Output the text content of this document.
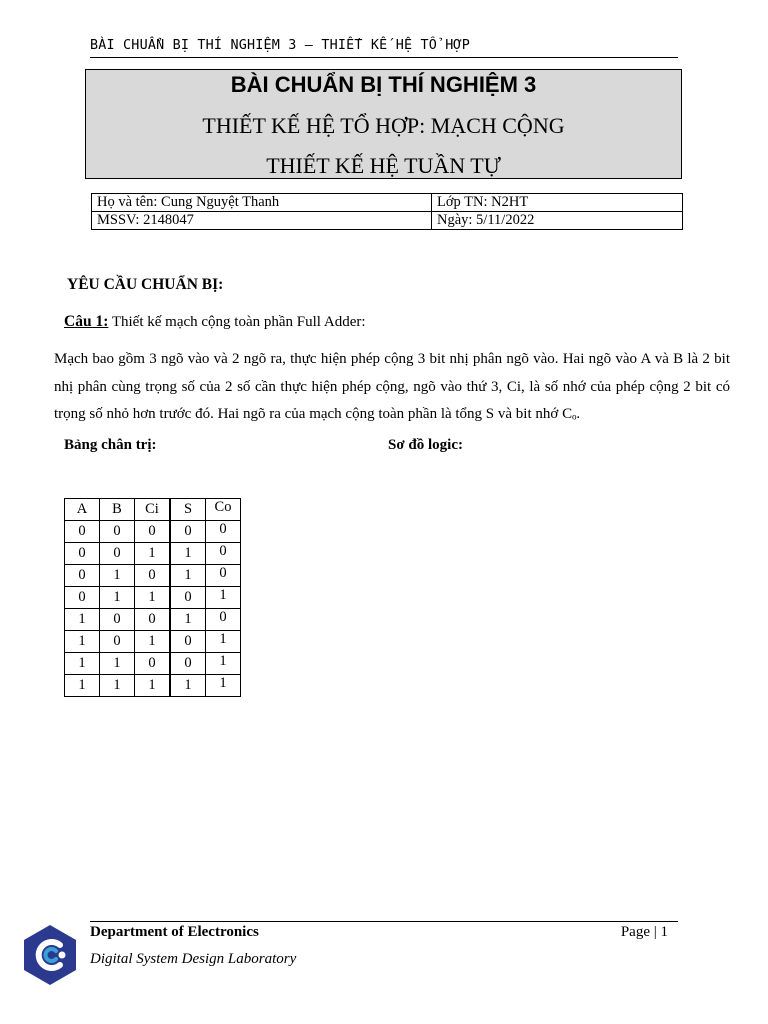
BÀI CHUẨN BỊ THÍ NGHIỆM 3 – THIẾT KẾ HỆ TỔ HỢP
BÀI CHUẨN BỊ THÍ NGHIỆM 3
THIẾT KẾ HỆ TỔ HỢP: MẠCH CỘNG
THIẾT KẾ HỆ TUẦN TỰ
Họ và tên: Cung Nguyệt Thanh	Lớp TN: N2HT
MSSV: 2148047	Ngày: 5/11/2022
YÊU CẦU CHUẨN BỊ:
Câu 1: Thiết kế mạch cộng toàn phần Full Adder:
Mạch bao gồm 3 ngõ vào và 2 ngõ ra, thực hiện phép cộng 3 bit nhị phân ngõ vào. Hai ngõ vào A và B là 2 bit nhị phân cùng trọng số của 2 số cần thực hiện phép cộng, ngõ vào thứ 3, Ci, là số nhớ của phép cộng 2 bit có trọng số nhỏ hơn trước đó. Hai ngõ ra của mạch cộng toàn phần là tổng S và bit nhớ Cₒ.
Bảng chân trị:	Sơ đồ logic:
A	B	Ci	S	Co
0	0	0	0	0
0	0	1	1	0
0	1	0	1	0
0	1	1	0	1
1	0	0	1	0
1	0	1	0	1
1	1	0	0	1
1	1	1	1	1
Department of Electronics	Page | 1
Digital System Design Laboratory
